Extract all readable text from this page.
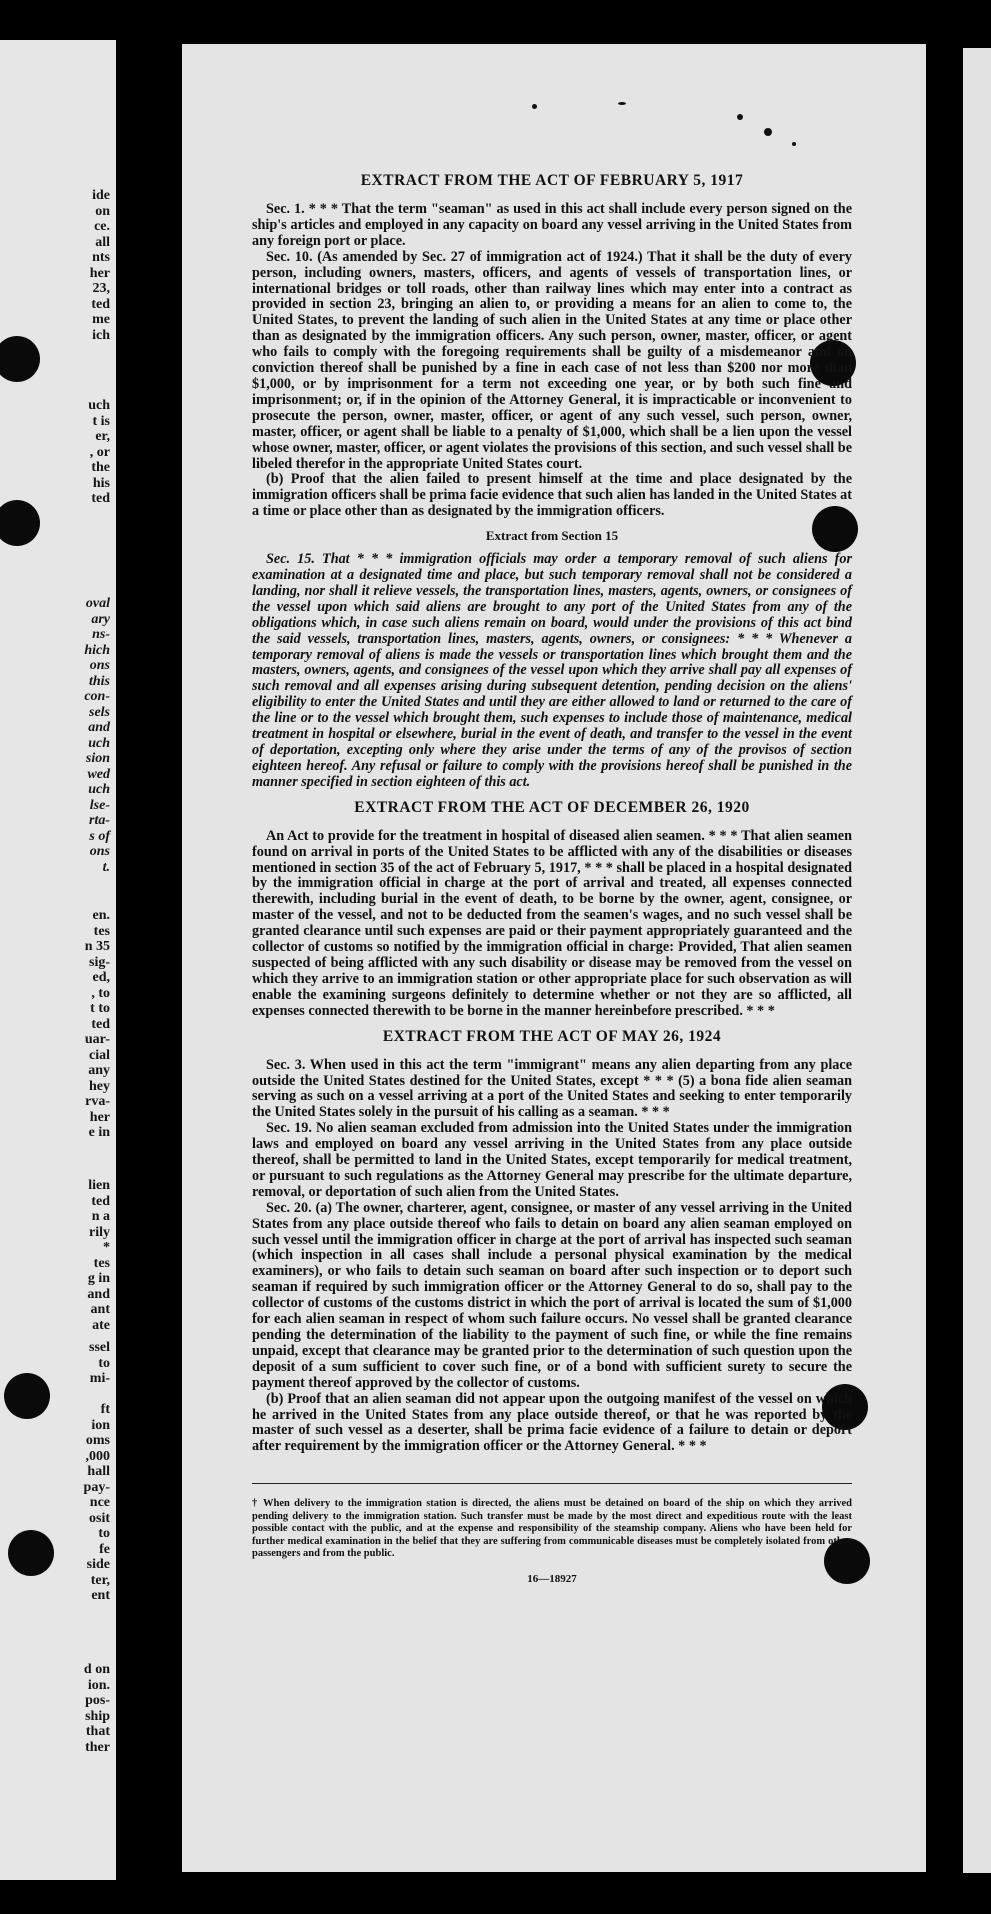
ide
on
ce.
all
nts
her
23,
ted
me
ich
uch
t is
er,
, or
the
his
ted
oval
ary
ns-
hich
ons
this
con-
sels
and
uch
sion
wed
uch
lse-
rta-
s of
ons
t.
en.
tes
n 35
sig-
ed,
, to
t to
ted
uar-
cial
any
hey
rva-
her
e in
lien
ted
n a
rily
*
tes
g in
and
ant
ate
ssel
to
mi-

ft
ion
oms
,000
hall
pay-
nce
osit
to
fe
side
ter,
ent
d on
ion.
pos-
ship
that
ther
EXTRACT FROM THE ACT OF FEBRUARY 5, 1917

Sec. 1. * * * That the term "seaman" as used in this act shall include every person signed on the ship's articles and employed in any capacity on board any vessel arriving in the United States from any foreign port or place.

Sec. 10. (As amended by Sec. 27 of immigration act of 1924.) That it shall be the duty of every person, including owners, masters, officers, and agents of vessels of transportation lines, or international bridges or toll roads, other than railway lines which may enter into a contract as provided in section 23, bringing an alien to, or providing a means for an alien to come to, the United States, to prevent the landing of such alien in the United States at any time or place other than as designated by the immigration officers. Any such person, owner, master, officer, or agent who fails to comply with the foregoing requirements shall be guilty of a misdemeanor and on conviction thereof shall be punished by a fine in each case of not less than $200 nor more than $1,000, or by imprisonment for a term not exceeding one year, or by both such fine and imprisonment; or, if in the opinion of the Attorney General, it is impracticable or inconvenient to prosecute the person, owner, master, officer, or agent of any such vessel, such person, owner, master, officer, or agent shall be liable to a penalty of $1,000, which shall be a lien upon the vessel whose owner, master, officer, or agent violates the provisions of this section, and such vessel shall be libeled therefor in the appropriate United States court.

(b) Proof that the alien failed to present himself at the time and place designated by the immigration officers shall be prima facie evidence that such alien has landed in the United States at a time or place other than as designated by the immigration officers.

Extract from Section 15

Sec. 15. That * * * immigration officials may order a temporary removal of such aliens for examination at a designated time and place, but such temporary removal shall not be considered a landing, nor shall it relieve vessels, the transportation lines, masters, agents, owners, or consignees of the vessel upon which said aliens are brought to any port of the United States from any of the obligations which, in case such aliens remain on board, would under the provisions of this act bind the said vessels, transportation lines, masters, agents, owners, or consignees: * * * Whenever a temporary removal of aliens is made the vessels or transportation lines which brought them and the masters, owners, agents, and consignees of the vessel upon which they arrive shall pay all expenses of such removal and all expenses arising during subsequent detention, pending decision on the aliens' eligibility to enter the United States and until they are either allowed to land or returned to the care of the line or to the vessel which brought them, such expenses to include those of maintenance, medical treatment in hospital or elsewhere, burial in the event of death, and transfer to the vessel in the event of deportation, excepting only where they arise under the terms of any of the provisos of section eighteen hereof. Any refusal or failure to comply with the provisions hereof shall be punished in the manner specified in section eighteen of this act.

EXTRACT FROM THE ACT OF DECEMBER 26, 1920

An Act to provide for the treatment in hospital of diseased alien seamen. * * * That alien seamen found on arrival in ports of the United States to be afflicted with any of the disabilities or diseases mentioned in section 35 of the act of February 5, 1917, * * * shall be placed in a hospital designated by the immigration official in charge at the port of arrival and treated, all expenses connected therewith, including burial in the event of death, to be borne by the owner, agent, consignee, or master of the vessel, and not to be deducted from the seamen's wages, and no such vessel shall be granted clearance until such expenses are paid or their payment appropriately guaranteed and the collector of customs so notified by the immigration official in charge: Provided, That alien seamen suspected of being afflicted with any such disability or disease may be removed from the vessel on which they arrive to an immigration station or other appropriate place for such observation as will enable the examining surgeons definitely to determine whether or not they are so afflicted, all expenses connected therewith to be borne in the manner hereinbefore prescribed. * * *

EXTRACT FROM THE ACT OF MAY 26, 1924

Sec. 3. When used in this act the term "immigrant" means any alien departing from any place outside the United States destined for the United States, except * * * (5) a bona fide alien seaman serving as such on a vessel arriving at a port of the United States and seeking to enter temporarily the United States solely in the pursuit of his calling as a seaman. * * *

Sec. 19. No alien seaman excluded from admission into the United States under the immigration laws and employed on board any vessel arriving in the United States from any place outside thereof, shall be permitted to land in the United States, except temporarily for medical treatment, or pursuant to such regulations as the Attorney General may prescribe for the ultimate departure, removal, or deportation of such alien from the United States.

Sec. 20. (a) The owner, charterer, agent, consignee, or master of any vessel arriving in the United States from any place outside thereof who fails to detain on board any alien seaman employed on such vessel until the immigration officer in charge at the port of arrival has inspected such seaman (which inspection in all cases shall include a personal physical examination by the medical examiners), or who fails to detain such seaman on board after such inspection or to deport such seaman if required by such immigration officer or the Attorney General to do so, shall pay to the collector of customs of the customs district in which the port of arrival is located the sum of $1,000 for each alien seaman in respect of whom such failure occurs. No vessel shall be granted clearance pending the determination of the liability to the payment of such fine, or while the fine remains unpaid, except that clearance may be granted prior to the determination of such question upon the deposit of a sum sufficient to cover such fine, or of a bond with sufficient surety to secure the payment thereof approved by the collector of customs.

(b) Proof that an alien seaman did not appear upon the outgoing manifest of the vessel on which he arrived in the United States from any place outside thereof, or that he was reported by the master of such vessel as a deserter, shall be prima facie evidence of a failure to detain or deport after requirement by the immigration officer or the Attorney General. * * *

† When delivery to the immigration station is directed, the aliens must be detained on board of the ship on which they arrived pending delivery to the immigration station. Such transfer must be made by the most direct and expeditious route with the least possible contact with the public, and at the expense and responsibility of the steamship company. Aliens who have been held for further medical examination in the belief that they are suffering from communicable diseases must be completely isolated from other passengers and from the public.
16—18927
